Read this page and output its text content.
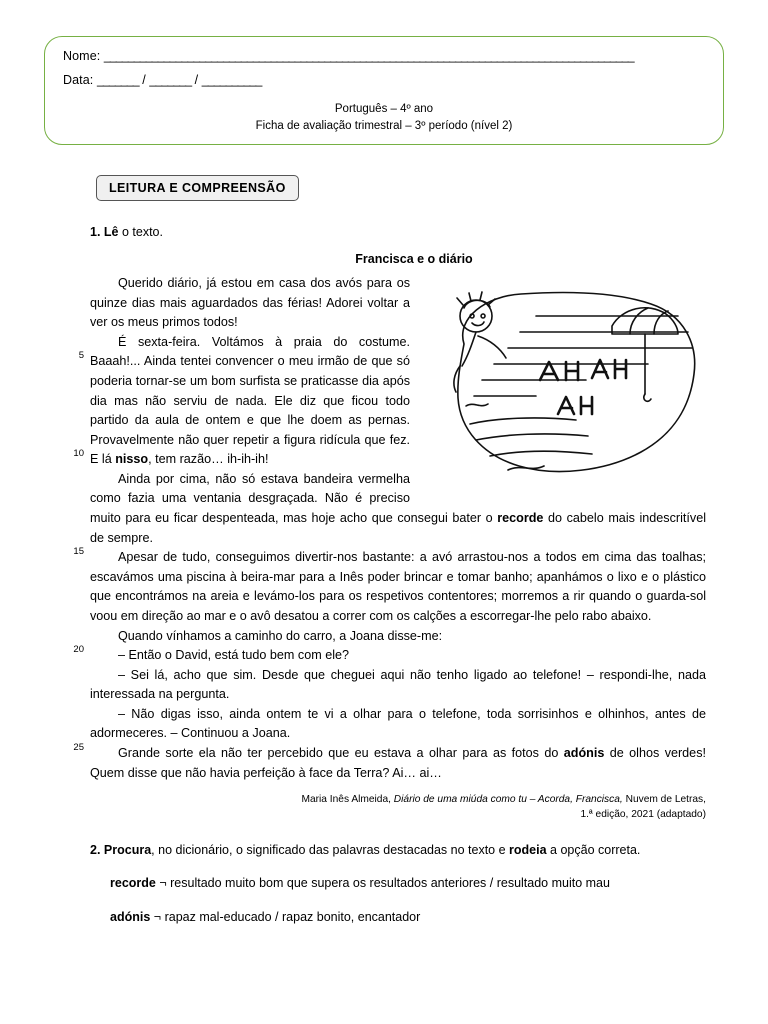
Nome: _________________________________________________________________________________________
Data: _______ / _______ / __________
Português – 4º ano
Ficha de avaliação trimestral – 3º período (nível 2)
LEITURA E COMPREENSÃO
1. Lê o texto.
Francisca e o diário
5
10
15
20
25

Querido diário, já estou em casa dos avós para os quinze dias mais aguardados das férias! Adorei voltar a ver os meus primos todos!

É sexta-feira. Voltámos à praia do costume. Baaah!... Ainda tentei convencer o meu irmão de que só poderia tornar-se um bom surfista se praticasse dia após dia mas não serviu de nada. Ele diz que ficou todo partido da aula de ontem e que lhe doem as pernas. Provavelmente não quer repetir a figura ridícula que fez. E lá nisso, tem razão… ih-ih-ih!

Ainda por cima, não só estava bandeira vermelha como fazia uma ventania desgraçada. Não é preciso muito para eu ficar despenteada, mas hoje acho que consegui bater o recorde do cabelo mais indescritível de sempre.

Apesar de tudo, conseguimos divertir-nos bastante: a avó arrastou-nos a todos em cima das toalhas; escavámos uma piscina à beira-mar para a Inês poder brincar e tomar banho; apanhámos o lixo e o plástico que encontrámos na areia e levámo-los para os respetivos contentores; morremos a rir quando o guarda-sol voou em direção ao mar e o avô desatou a correr com os calções a escorregar-lhe pelo rabo abaixo.

Quando vínhamos a caminho do carro, a Joana disse-me:

– Então o David, está tudo bem com ele?

– Sei lá, acho que sim. Desde que cheguei aqui não tenho ligado ao telefone! – respondi-lhe, nada interessada na pergunta.

– Não digas isso, ainda ontem te vi a olhar para o telefone, toda sorrisinhos e olhinhos, antes de adormeceres. – Continuou a Joana.

Grande sorte ela não ter percebido que eu estava a olhar para as fotos do adónis de olhos verdes! Quem disse que não havia perfeição à face da Terra? Ai… ai…

Maria Inês Almeida, Diário de uma miúda como tu – Acorda, Francisca, Nuvem de Letras,
1.ª edição, 2021 (adaptado)
2. Procura, no dicionário, o significado das palavras destacadas no texto e rodeia a opção correta.
recorde ¬ resultado muito bom que supera os resultados anteriores / resultado muito mau
adónis ¬ rapaz mal-educado / rapaz bonito, encantador
